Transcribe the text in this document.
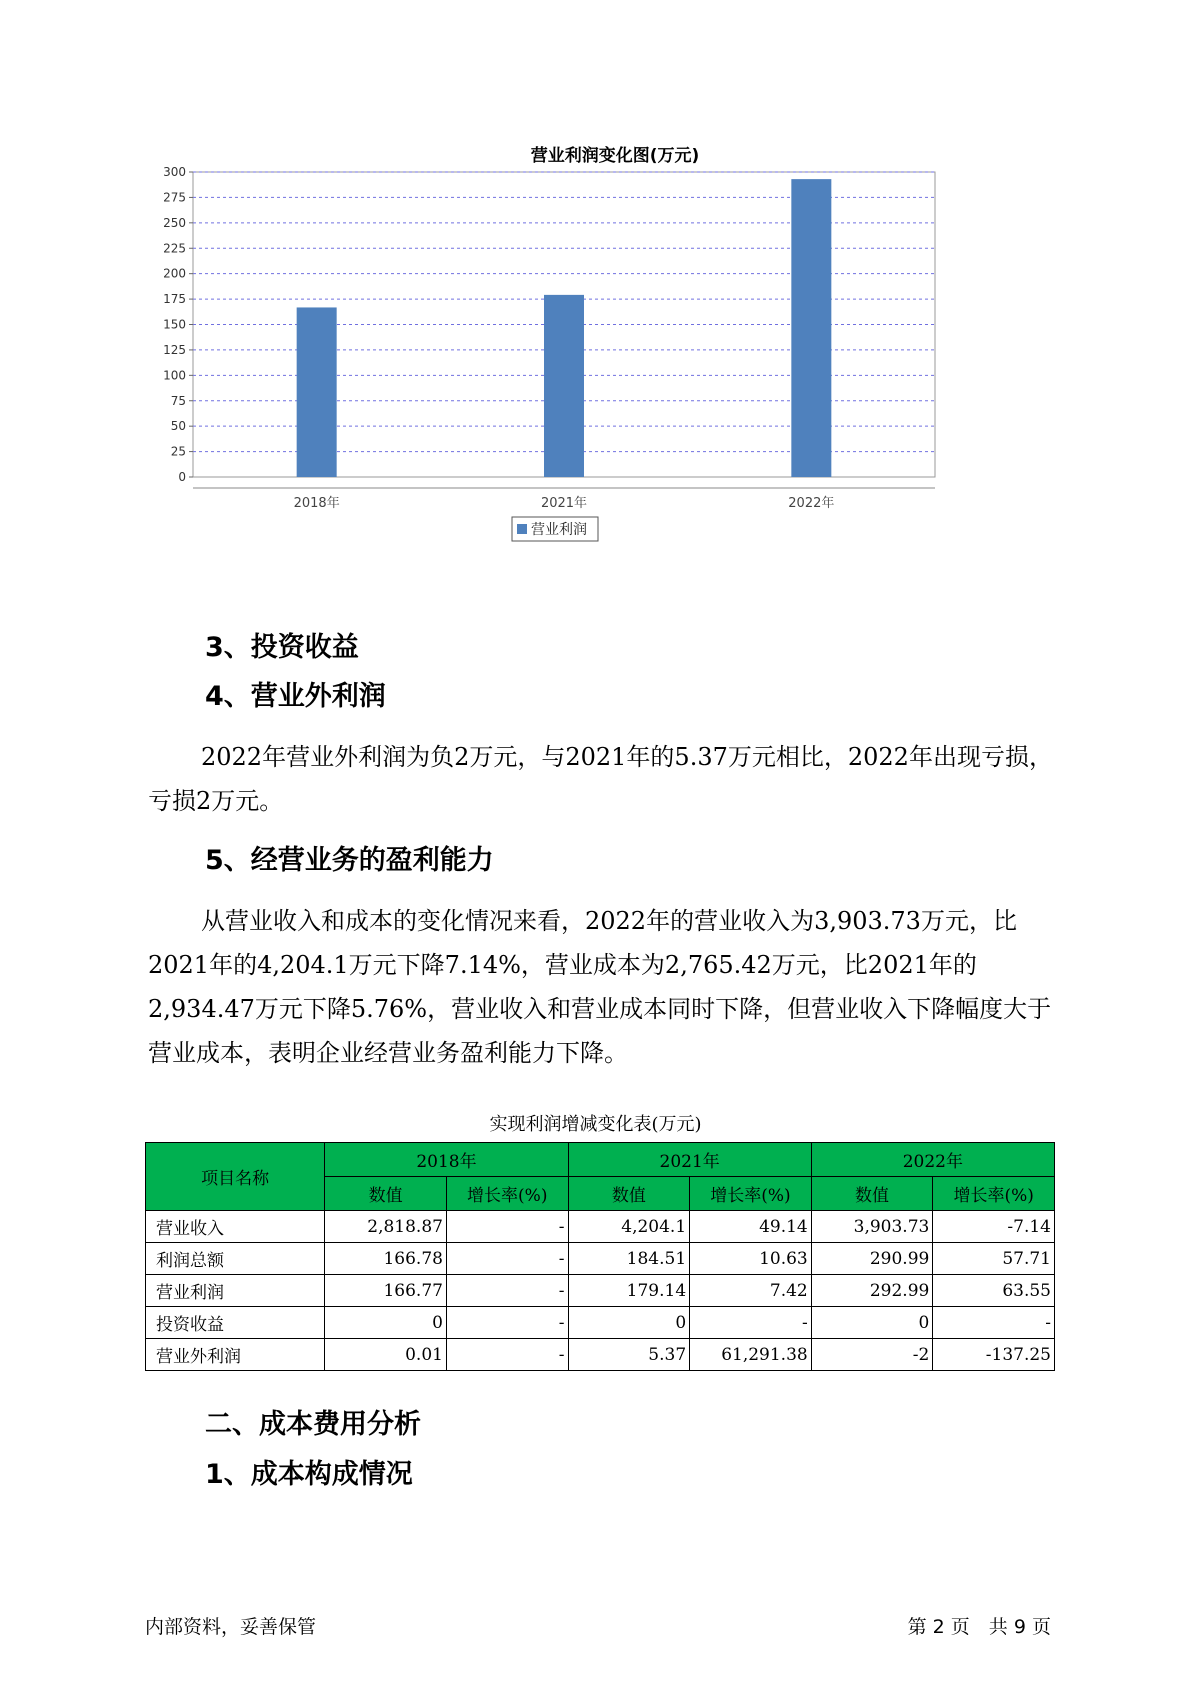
营业利润变化图(万元)
0
25
50
75
100
125
150
175
200
225
250
275
300
2018年	2021年	2022年
营业利润
3、投资收益
4、营业外利润

2022年营业外利润为负2万元，与2021年的5.37万元相比，2022年出现亏损，亏损2万元。

5、经营业务的盈利能力

从营业收入和成本的变化情况来看，2022年的营业收入为3,903.73万元，比2021年的4,204.1万元下降7.14%，营业成本为2,765.42万元，比2021年的2,934.47万元下降5.76%，营业收入和营业成本同时下降，但营业收入下降幅度大于营业成本，表明企业经营业务盈利能力下降。

实现利润增减变化表(万元)
项目名称	2018年		2021年		2022年	
	数值	增长率(%)	数值	增长率(%)	数值	增长率(%)
营业收入	2,818.87	-	4,204.1	49.14	3,903.73	-7.14
利润总额	166.78	-	184.51	10.63	290.99	57.71
营业利润	166.77	-	179.14	7.42	292.99	63.55
投资收益	0	-	0	-	0	-
营业外利润	0.01	-	5.37	61,291.38	-2	-137.25
二、成本费用分析
1、成本构成情况
内部资料，妥善保管	第 2 页　共 9 页
